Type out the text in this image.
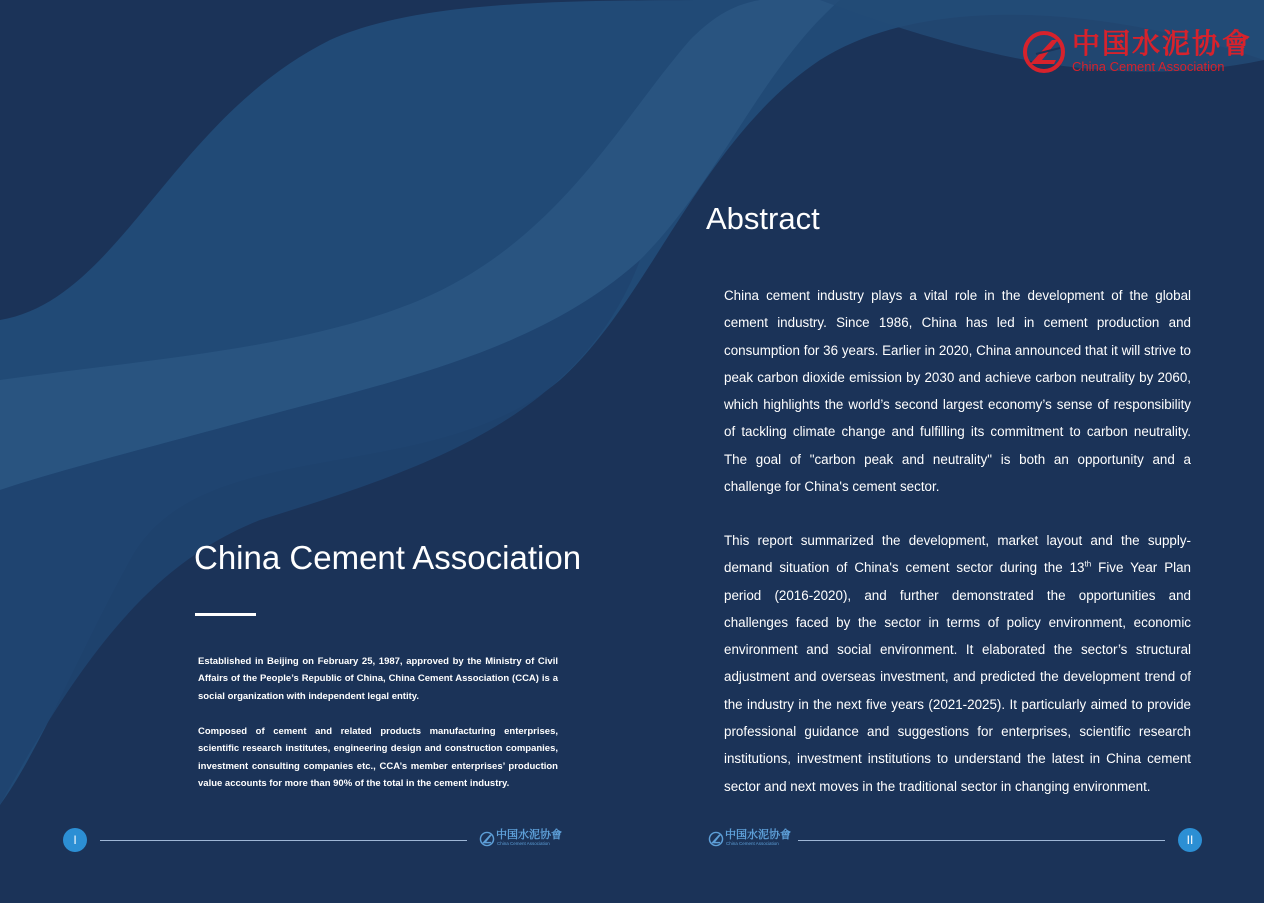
中国水泥协會
China Cement Association
China Cement Association

Established in Beijing on February 25, 1987, approved by the Ministry of Civil Affairs of the People’s Republic of China, China Cement Association (CCA) is a social organization with independent legal entity.

Composed of cement and related products manufacturing enterprises, scientific research institutes, engineering design and construction companies, investment consulting companies etc., CCA’s member enterprises’ production value accounts for more than 90% of the total in the cement industry.

Abstract

China cement industry plays a vital role in the development of the global cement industry. Since 1986, China has led in cement production and consumption for 36 years. Earlier in 2020, China announced that it will strive to peak carbon dioxide emission by 2030 and achieve carbon neutrality by 2060, which highlights the world’s second largest economy’s sense of responsibility of tackling climate change and fulfilling its commitment to carbon neutrality. The goal of "carbon peak and neutrality" is both an opportunity and a challenge for China's cement sector.

This report summarized the development, market layout and the supply-demand situation of China's cement sector during the 13th Five Year Plan period (2016-2020), and further demonstrated the opportunities and challenges faced by the sector in terms of policy environment, economic environment and social environment. It elaborated the sector’s structural adjustment and overseas investment, and predicted the development trend of the industry in the next five years (2021-2025). It particularly aimed to provide professional guidance and suggestions for enterprises, scientific research institutions, investment institutions to understand the latest in China cement sector and next moves in the traditional sector in changing environment.

I	中国水泥协會
China Cement Association
中国水泥协會
China Cement Association	II
